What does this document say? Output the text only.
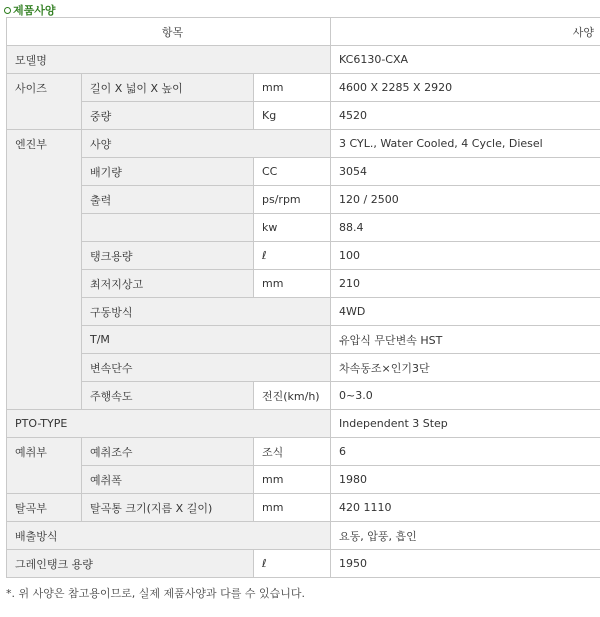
제품사양
항목			사양
모델명			KC6130-CXA
사이즈	길이 X 넓이 X 높이	mm	4600 X 2285 X 2920
	중량	Kg	4520
엔진부	사양		3 CYL., Water Cooled, 4 Cycle, Diesel
	배기량	CC	3054
	출력	ps/rpm	120 / 2500
		kw	88.4
	탱크용량	ℓ	100
	최저지상고	mm	210
	구동방식		4WD
	T/M		유압식 무단변속 HST
	변속단수		차속동조×인기3단
	주행속도	전진(km/h)	0~3.0
PTO-TYPE			Independent 3 Step
예취부	예취조수	조식	6
	예취폭	mm	1980
탈곡부	탈곡통 크기(지름 X 길이)	mm	420 1110
배출방식			요동, 압풍, 흡인
그레인탱크 용량		ℓ	1950
*. 위 사양은 참고용이므로, 실제 제품사양과 다를 수 있습니다.
